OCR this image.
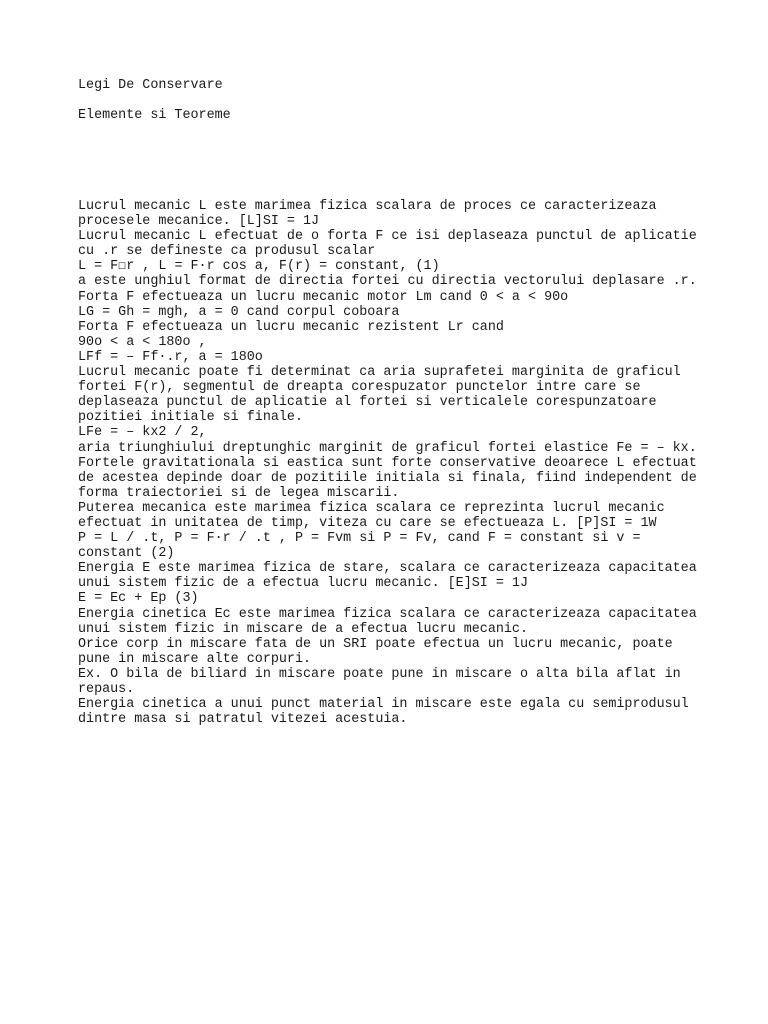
Legi De Conservare

Elemente si Teoreme

Lucrul mecanic L este marimea fizica scalara de proces ce caracterizeaza
procesele mecanice. [L]SI = 1J
Lucrul mecanic L efectuat de o forta F ce isi deplaseaza punctul de aplicatie
cu .r se defineste ca produsul scalar
L = F☐r , L = F·r cos a, F(r) = constant, (1)
a este unghiul format de directia fortei cu directia vectorului deplasare .r.
Forta F efectueaza un lucru mecanic motor Lm cand 0 < a < 90o
LG = Gh = mgh, a = 0 cand corpul coboara
Forta F efectueaza un lucru mecanic rezistent Lr cand
90o < a < 180o ,
LFf = – Ff·.r, a = 180o
Lucrul mecanic poate fi determinat ca aria suprafetei marginita de graficul
fortei F(r), segmentul de dreapta corespuzator punctelor intre care se
deplaseaza punctul de aplicatie al fortei si verticalele corespunzatoare
pozitiei initiale si finale.
LFe = – kx2 / 2,
aria triunghiului dreptunghic marginit de graficul fortei elastice Fe = – kx.
Fortele gravitationala si eastica sunt forte conservative deoarece L efectuat
de acestea depinde doar de pozitiile initiala si finala, fiind independent de
forma traiectoriei si de legea miscarii.
Puterea mecanica este marimea fizica scalara ce reprezinta lucrul mecanic
efectuat in unitatea de timp, viteza cu care se efectueaza L. [P]SI = 1W
P = L / .t, P = F·r / .t , P = Fvm si P = Fv, cand F = constant si v =
constant (2)
Energia E este marimea fizica de stare, scalara ce caracterizeaza capacitatea
unui sistem fizic de a efectua lucru mecanic. [E]SI = 1J
E = Ec + Ep (3)
Energia cinetica Ec este marimea fizica scalara ce caracterizeaza capacitatea
unui sistem fizic in miscare de a efectua lucru mecanic.
Orice corp in miscare fata de un SRI poate efectua un lucru mecanic, poate
pune in miscare alte corpuri.
Ex. O bila de biliard in miscare poate pune in miscare o alta bila aflat in
repaus.
Energia cinetica a unui punct material in miscare este egala cu semiprodusul
dintre masa si patratul vitezei acestuia.
